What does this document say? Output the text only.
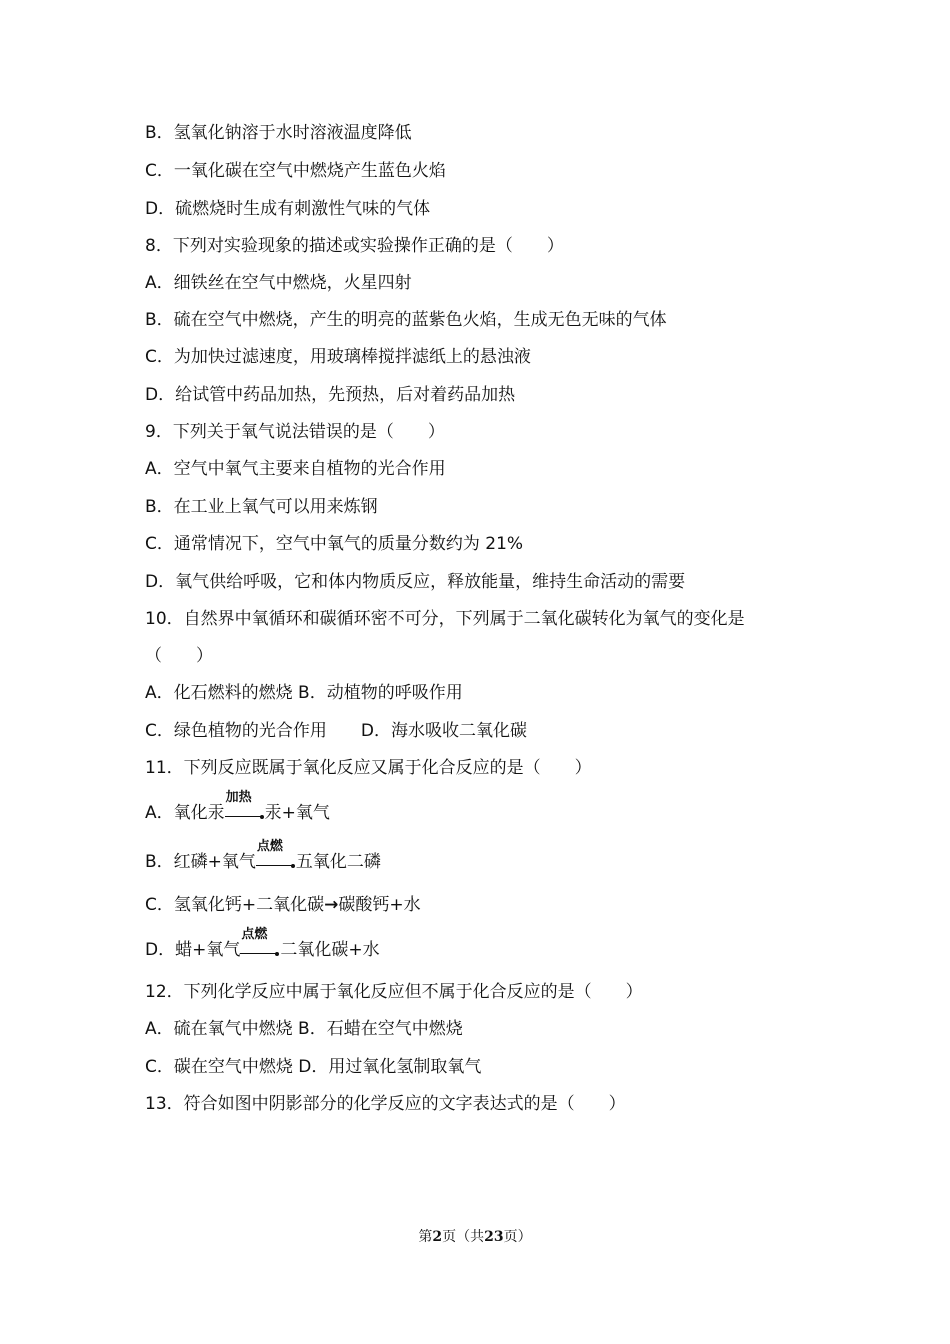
B．氢氧化钠溶于水时溶液温度降低
C．一氧化碳在空气中燃烧产生蓝色火焰
D．硫燃烧时生成有刺激性气味的气体
8．下列对实验现象的描述或实验操作正确的是（　　）
A．细铁丝在空气中燃烧，火星四射
B．硫在空气中燃烧，产生的明亮的蓝紫色火焰，生成无色无味的气体
C．为加快过滤速度，用玻璃棒搅拌滤纸上的悬浊液
D．给试管中药品加热，先预热，后对着药品加热
9．下列关于氧气说法错误的是（　　）
A．空气中氧气主要来自植物的光合作用
B．在工业上氧气可以用来炼钢
C．通常情况下，空气中氧气的质量分数约为 21%
D．氧气供给呼吸，它和体内物质反应，释放能量，维持生命活动的需要
10．自然界中氧循环和碳循环密不可分，下列属于二氧化碳转化为氧气的变化是
（　　）
A．化石燃料的燃烧 B．动植物的呼吸作用
C．绿色植物的光合作用　　D．海水吸收二氧化碳
11．下列反应既属于氧化反应又属于化合反应的是（　　）
A．氧化汞
加热
汞+氧气
B．红磷+氧气
点燃
五氧化二磷
C．氢氧化钙+二氧化碳→碳酸钙+水
D．蜡+氧气
点燃
二氧化碳+水
12．下列化学反应中属于氧化反应但不属于化合反应的是（　　）
A．硫在氧气中燃烧 B．石蜡在空气中燃烧
C．碳在空气中燃烧 D．用过氧化氢制取氧气
13．符合如图中阴影部分的化学反应的文字表达式的是（　　）
第2页（共23页）
